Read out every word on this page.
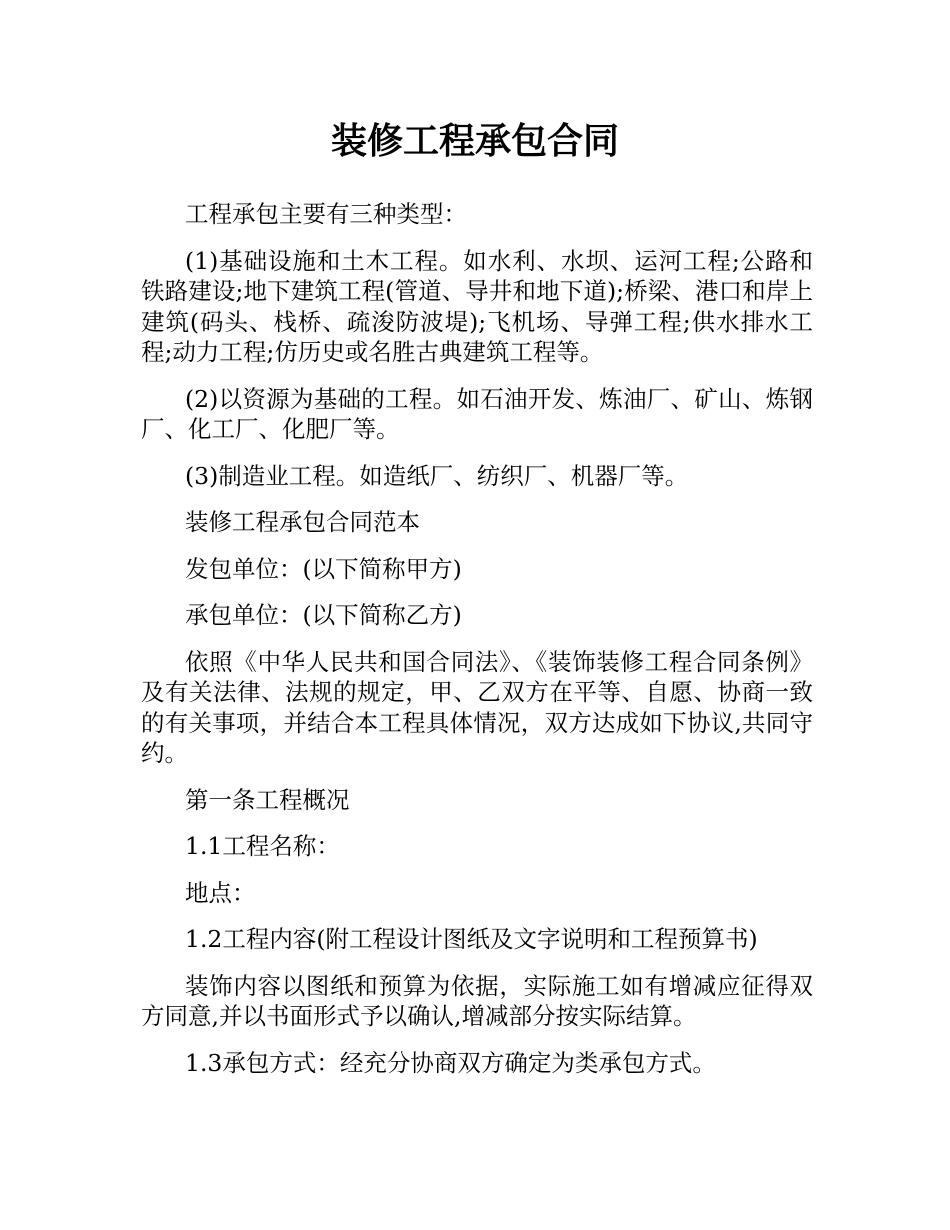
装修工程承包合同

工程承包主要有三种类型：

(1)基础设施和土木工程。如水利、水坝、运河工程;公路和铁路建设;地下建筑工程(管道、导井和地下道);桥梁、港口和岸上建筑(码头、栈桥、疏浚防波堤);飞机场、导弹工程;供水排水工程;动力工程;仿历史或名胜古典建筑工程等。

(2)以资源为基础的工程。如石油开发、炼油厂、矿山、炼钢厂、化工厂、化肥厂等。

(3)制造业工程。如造纸厂、纺织厂、机器厂等。

装修工程承包合同范本

发包单位：(以下简称甲方)

承包单位：(以下简称乙方)

依照《中华人民共和国合同法》、《装饰装修工程合同条例》及有关法律、法规的规定，甲、乙双方在平等、自愿、协商一致的有关事项，并结合本工程具体情况，双方达成如下协议,共同守约。

第一条工程概况

1.1工程名称：

地点：

1.2工程内容(附工程设计图纸及文字说明和工程预算书)

装饰内容以图纸和预算为依据，实际施工如有增减应征得双方同意,并以书面形式予以确认,增减部分按实际结算。

1.3承包方式：经充分协商双方确定为类承包方式。
